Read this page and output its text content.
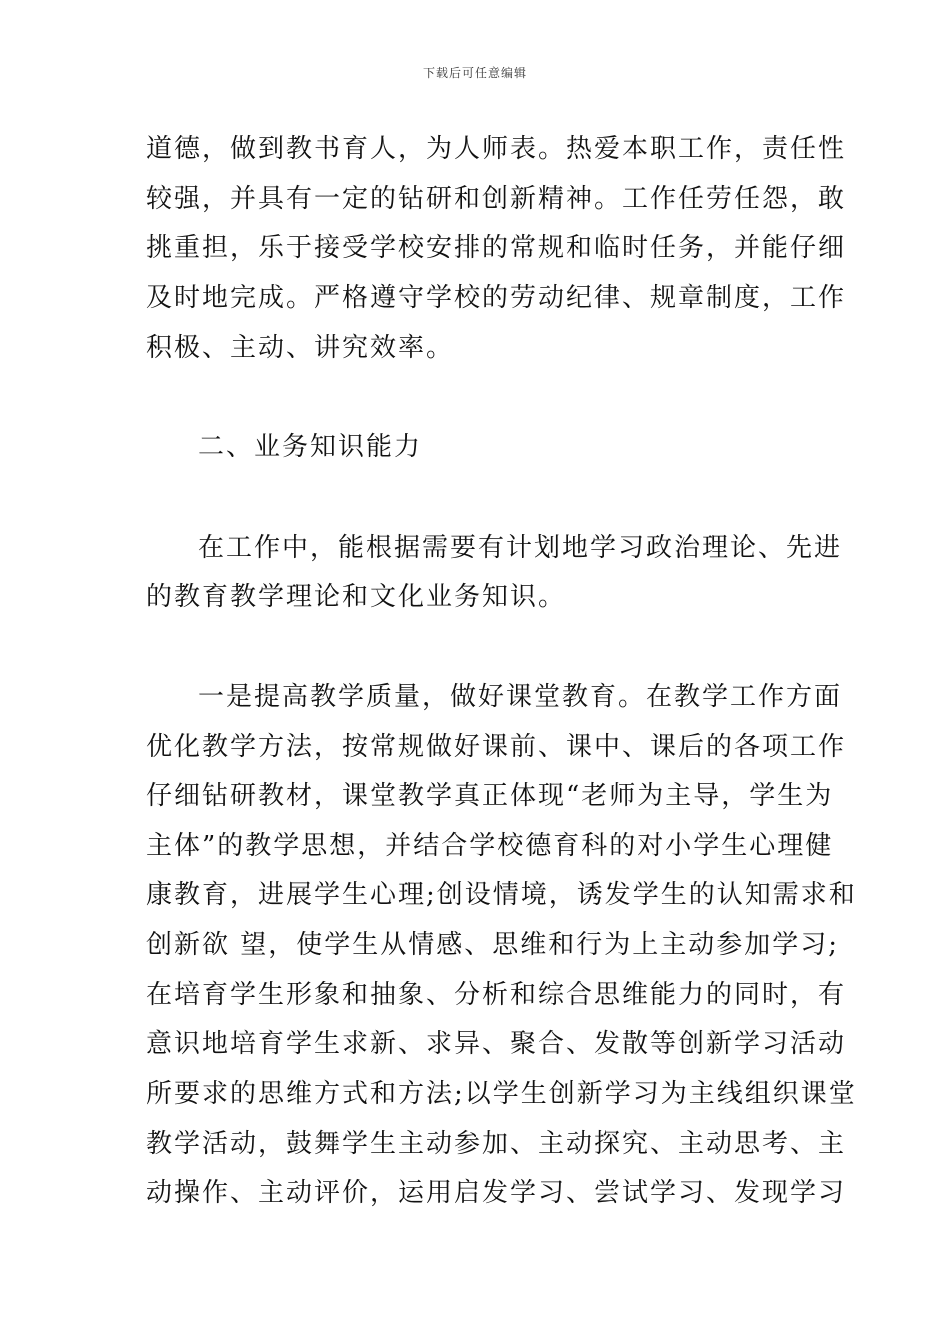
下载后可任意编辑
道德，做到教书育人，为人师表。热爱本职工作，责任性
较强，并具有一定的钻研和创新精神。工作任劳任怨，敢
挑重担，乐于接受学校安排的常规和临时任务，并能仔细
及时地完成。严格遵守学校的劳动纪律、规章制度，工作
积极、主动、讲究效率。
二、业务知识能力
在工作中，能根据需要有计划地学习政治理论、先进
的教育教学理论和文化业务知识。
一是提高教学质量，做好课堂教育。在教学工作方面
优化教学方法，按常规做好课前、课中、课后的各项工作
仔细钻研教材，课堂教学真正体现“老师为主导，学生为
主体”的教学思想，并结合学校德育科的对小学生心理健
康教育，进展学生心理;创设情境，诱发学生的认知需求和
创新欲 望，使学生从情感、思维和行为上主动参加学习;
在培育学生形象和抽象、分析和综合思维能力的同时，有
意识地培育学生求新、求异、聚合、发散等创新学习活动
所要求的思维方式和方法;以学生创新学习为主线组织课堂
教学活动，鼓舞学生主动参加、主动探究、主动思考、主
动操作、主动评价，运用启发学习、尝试学习、发现学习
